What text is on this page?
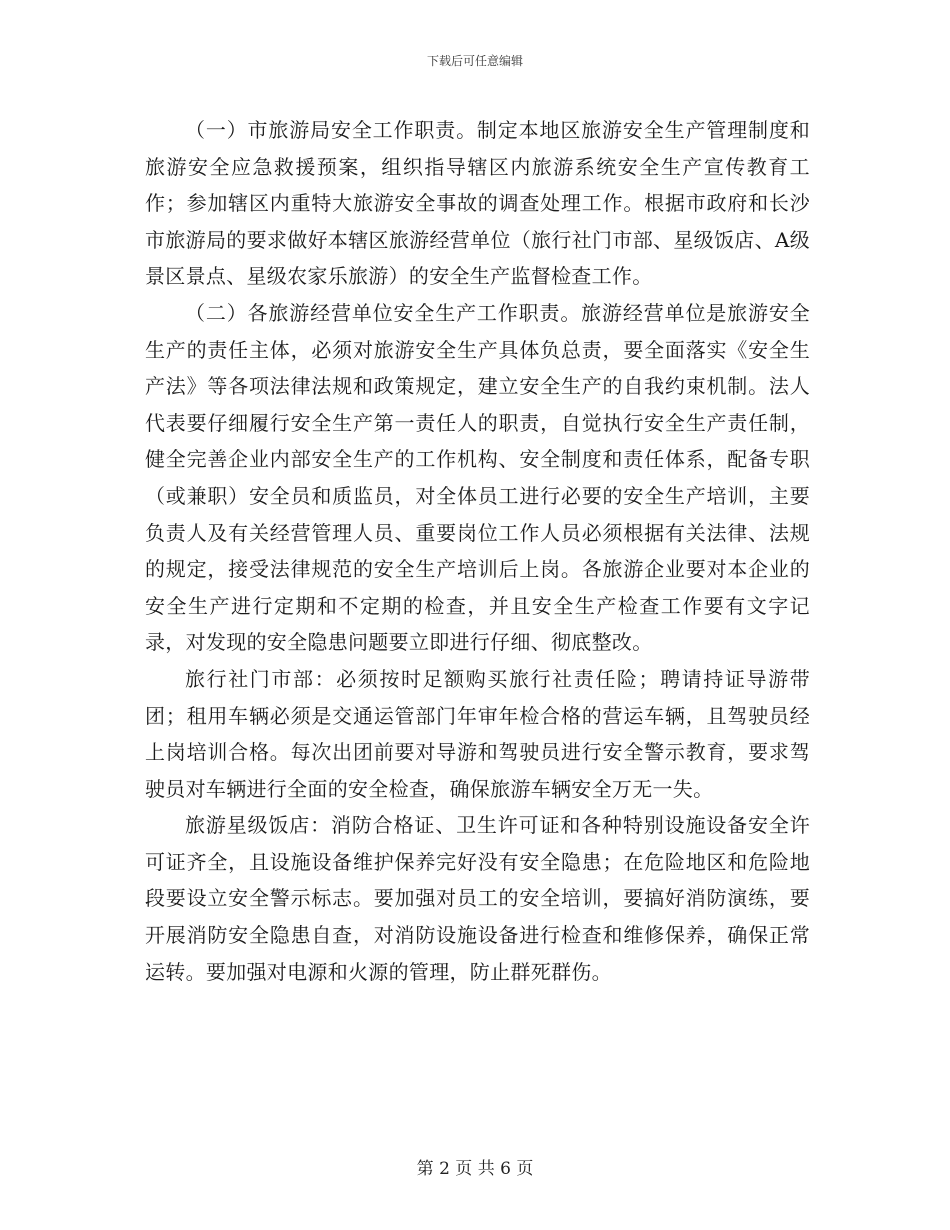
下载后可任意编辑

（一）市旅游局安全工作职责。制定本地区旅游安全生产管理制度和旅游安全应急救援预案，组织指导辖区内旅游系统安全生产宣传教育工作；参加辖区内重特大旅游安全事故的调查处理工作。根据市政府和长沙市旅游局的要求做好本辖区旅游经营单位（旅行社门市部、星级饭店、A级景区景点、星级农家乐旅游）的安全生产监督检查工作。

（二）各旅游经营单位安全生产工作职责。旅游经营单位是旅游安全生产的责任主体，必须对旅游安全生产具体负总责，要全面落实《安全生产法》等各项法律法规和政策规定，建立安全生产的自我约束机制。法人代表要仔细履行安全生产第一责任人的职责，自觉执行安全生产责任制，健全完善企业内部安全生产的工作机构、安全制度和责任体系，配备专职（或兼职）安全员和质监员，对全体员工进行必要的安全生产培训，主要负责人及有关经营管理人员、重要岗位工作人员必须根据有关法律、法规的规定，接受法律规范的安全生产培训后上岗。各旅游企业要对本企业的安全生产进行定期和不定期的检查，并且安全生产检查工作要有文字记录，对发现的安全隐患问题要立即进行仔细、彻底整改。

旅行社门市部：必须按时足额购买旅行社责任险；聘请持证导游带团；租用车辆必须是交通运管部门年审年检合格的营运车辆，且驾驶员经上岗培训合格。每次出团前要对导游和驾驶员进行安全警示教育，要求驾驶员对车辆进行全面的安全检查，确保旅游车辆安全万无一失。

旅游星级饭店：消防合格证、卫生许可证和各种特别设施设备安全许可证齐全，且设施设备维护保养完好没有安全隐患；在危险地区和危险地段要设立安全警示标志。要加强对员工的安全培训，要搞好消防演练，要开展消防安全隐患自查，对消防设施设备进行检查和维修保养，确保正常运转。要加强对电源和火源的管理，防止群死群伤。

第 2 页 共 6 页
